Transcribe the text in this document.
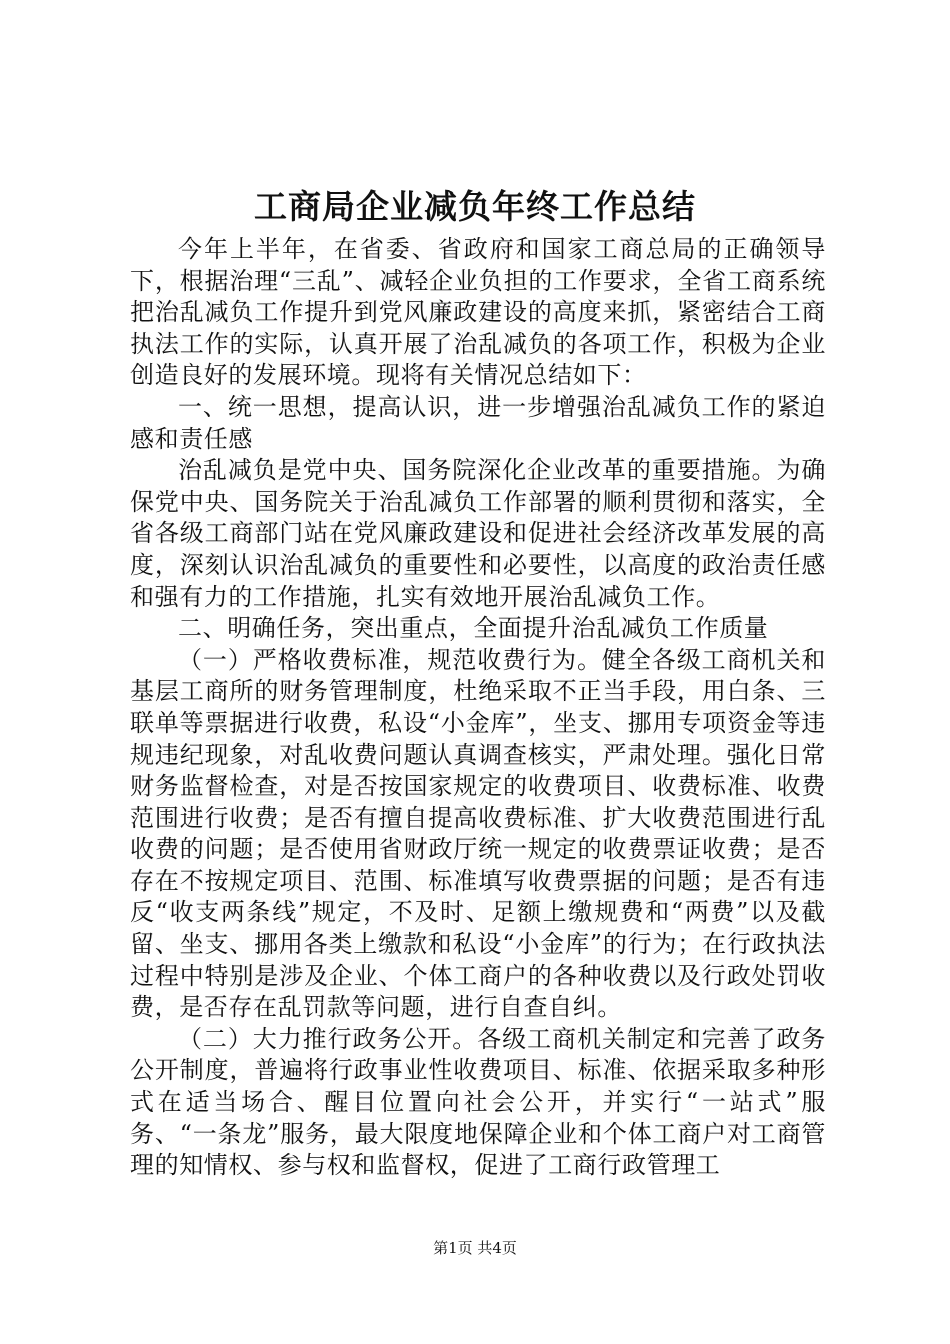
工商局企业减负年终工作总结

今年上半年，在省委、省政府和国家工商总局的正确领导下，根据治理“三乱”、减轻企业负担的工作要求，全省工商系统把治乱减负工作提升到党风廉政建设的高度来抓，紧密结合工商执法工作的实际，认真开展了治乱减负的各项工作，积极为企业创造良好的发展环境。现将有关情况总结如下：

一、统一思想，提高认识，进一步增强治乱减负工作的紧迫感和责任感

治乱减负是党中央、国务院深化企业改革的重要措施。为确保党中央、国务院关于治乱减负工作部署的顺利贯彻和落实，全省各级工商部门站在党风廉政建设和促进社会经济改革发展的高度，深刻认识治乱减负的重要性和必要性，以高度的政治责任感和强有力的工作措施，扎实有效地开展治乱减负工作。

二、明确任务，突出重点，全面提升治乱减负工作质量

（一）严格收费标准，规范收费行为。健全各级工商机关和基层工商所的财务管理制度，杜绝采取不正当手段，用白条、三联单等票据进行收费，私设“小金库”，坐支、挪用专项资金等违规违纪现象，对乱收费问题认真调查核实，严肃处理。强化日常财务监督检查，对是否按国家规定的收费项目、收费标准、收费范围进行收费；是否有擅自提高收费标准、扩大收费范围进行乱收费的问题；是否使用省财政厅统一规定的收费票证收费；是否存在不按规定项目、范围、标准填写收费票据的问题；是否有违反“收支两条线”规定，不及时、足额上缴规费和“两费”以及截留、坐支、挪用各类上缴款和私设“小金库”的行为；在行政执法过程中特别是涉及企业、个体工商户的各种收费以及行政处罚收费，是否存在乱罚款等问题，进行自查自纠。

（二）大力推行政务公开。各级工商机关制定和完善了政务公开制度，普遍将行政事业性收费项目、标准、依据采取多种形式在适当场合、醒目位置向社会公开，并实行“一站式”服务、“一条龙”服务，最大限度地保障企业和个体工商户对工商管理的知情权、参与权和监督权，促进了工商行政管理工

第1页 共4页
